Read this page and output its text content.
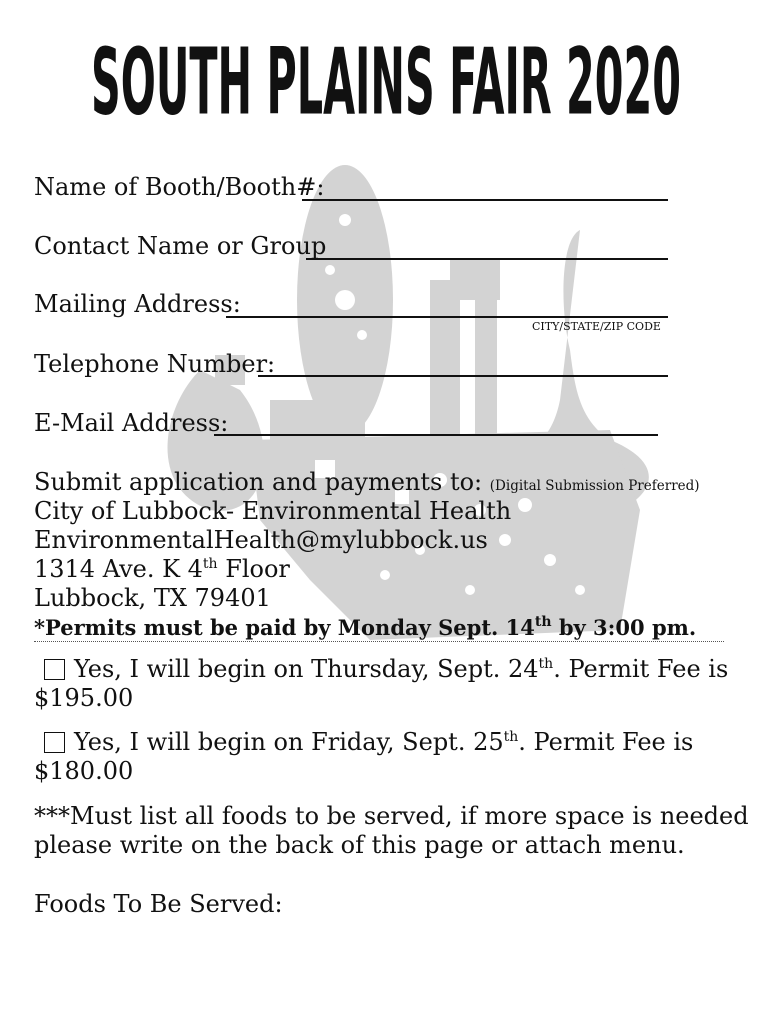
SOUTH PLAINS FAIR 2020
Name of Booth/Booth#:
Contact Name or Group
Mailing Address:
CITY/STATE/ZIP CODE
Telephone Number:
E-Mail Address:
Submit application and payments to: (Digital Submission Preferred)
City of Lubbock- Environmental Health
EnvironmentalHealth@mylubbock.us
1314 Ave. K 4th Floor
Lubbock, TX 79401
*Permits must be paid by Monday Sept. 14th by 3:00 pm.
Yes, I will begin on Thursday, Sept. 24th. Permit Fee is
$195.00
Yes, I will begin on Friday, Sept. 25th. Permit Fee is
$180.00
***Must list all foods to be served, if more space is needed
please write on the back of this page or attach menu.
Foods To Be Served:
